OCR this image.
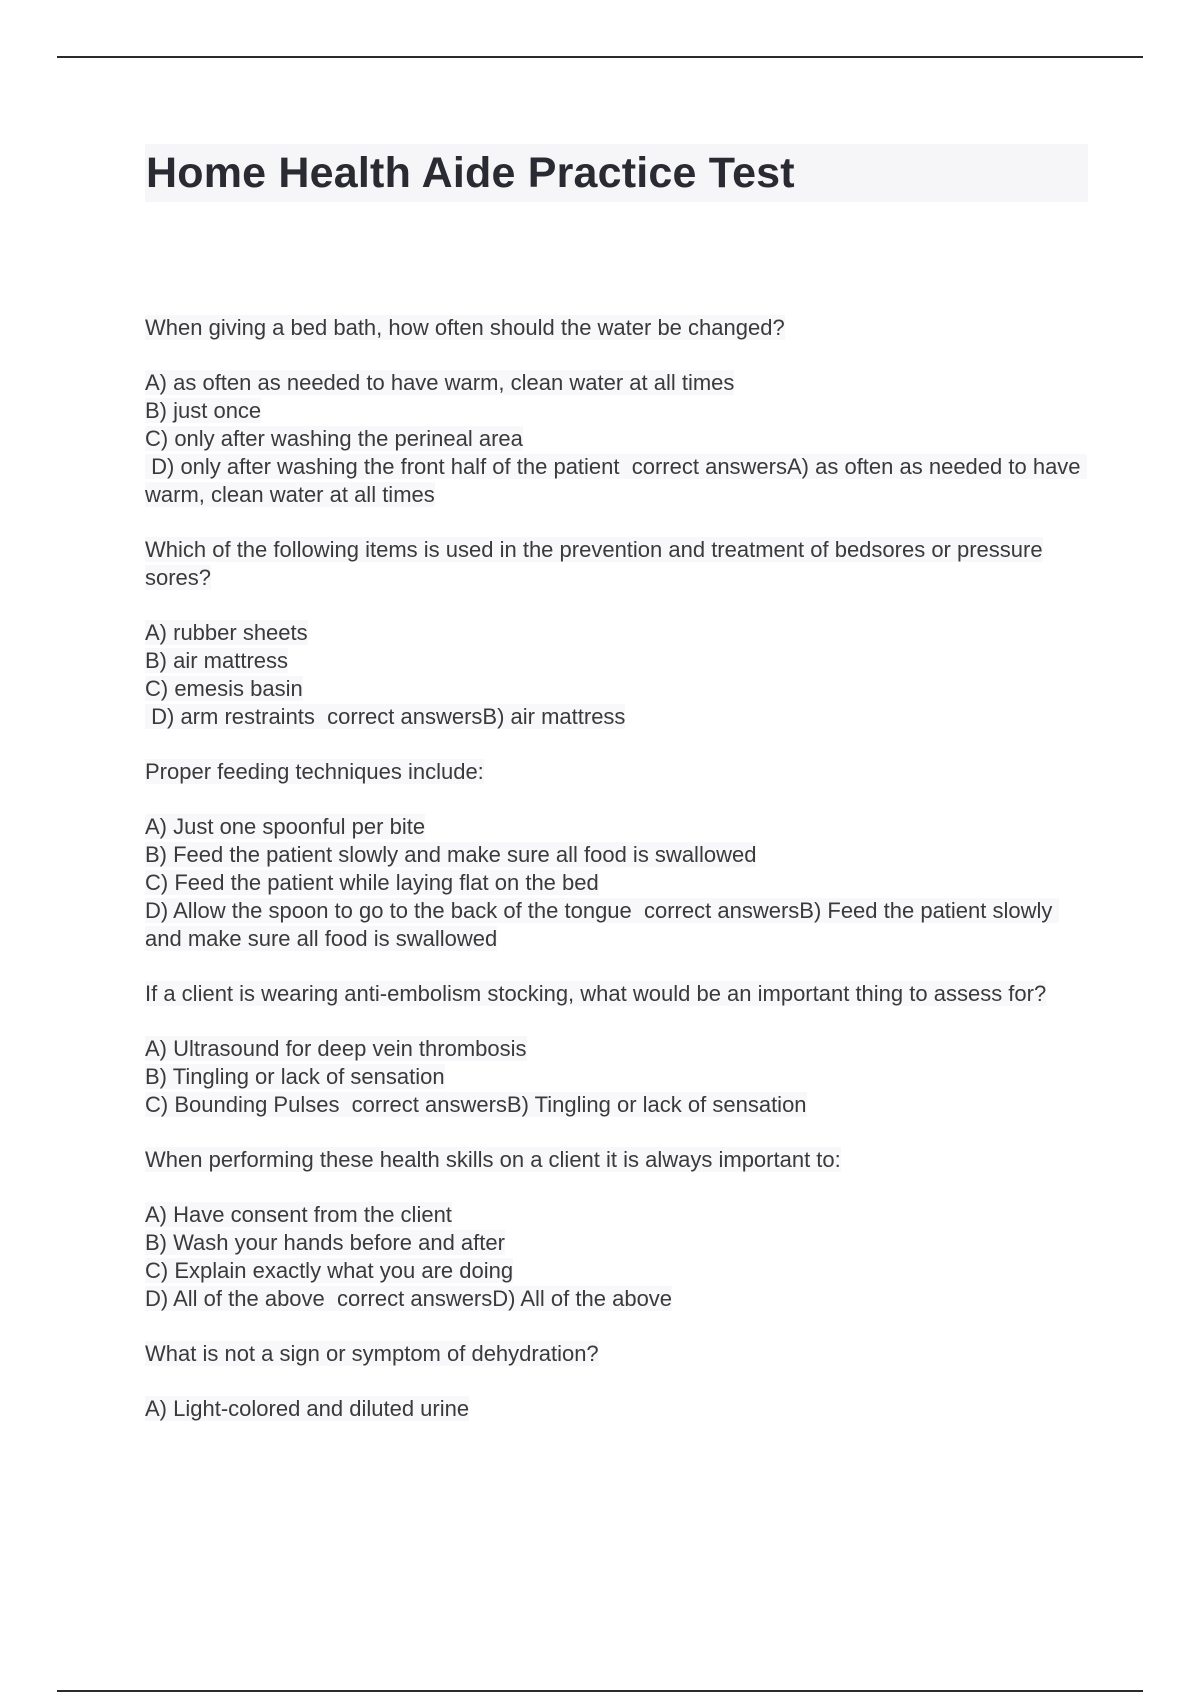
Home Health Aide Practice Test
When giving a bed bath, how often should the water be changed?
A) as often as needed to have warm, clean water at all times
B) just once
C) only after washing the perineal area
D) only after washing the front half of the patient  correct answersA) as often as needed to have warm, clean water at all times
Which of the following items is used in the prevention and treatment of bedsores or pressure sores?
A) rubber sheets
B) air mattress
C) emesis basin
D) arm restraints  correct answersB) air mattress
Proper feeding techniques include:
A) Just one spoonful per bite
B) Feed the patient slowly and make sure all food is swallowed
C) Feed the patient while laying flat on the bed
D) Allow the spoon to go to the back of the tongue  correct answersB) Feed the patient slowly and make sure all food is swallowed
If a client is wearing anti-embolism stocking, what would be an important thing to assess for?
A) Ultrasound for deep vein thrombosis
B) Tingling or lack of sensation
C) Bounding Pulses  correct answersB) Tingling or lack of sensation
When performing these health skills on a client it is always important to:
A) Have consent from the client
B) Wash your hands before and after
C) Explain exactly what you are doing
D) All of the above  correct answersD) All of the above
What is not a sign or symptom of dehydration?
A) Light-colored and diluted urine
